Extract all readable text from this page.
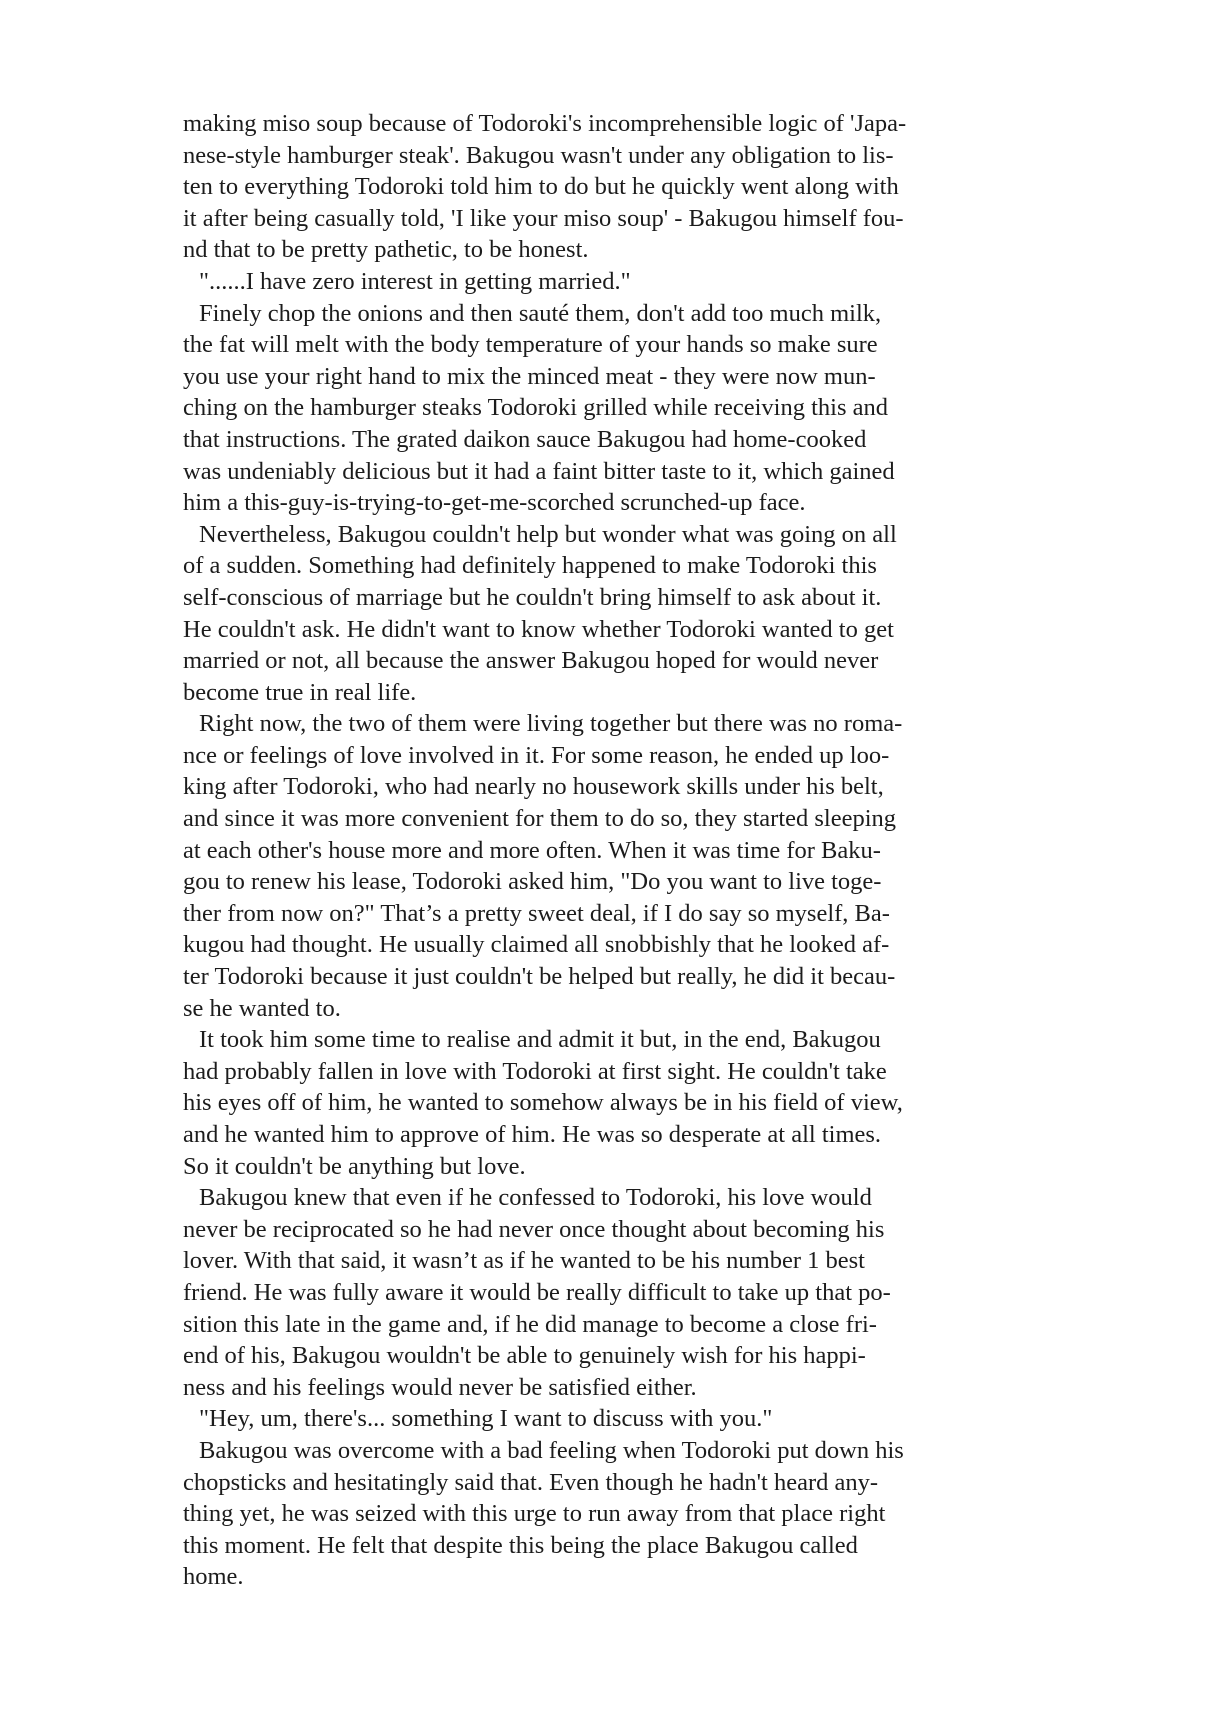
making miso soup because of Todoroki's incomprehensible logic of 'Japa-
nese-style hamburger steak'. Bakugou wasn't under any obligation to lis-
ten to everything Todoroki told him to do but he quickly went along with
it after being casually told, 'I like your miso soup' - Bakugou himself fou-
nd that to be pretty pathetic, to be honest.
"......I have zero interest in getting married."
Finely chop the onions and then sauté them, don't add too much milk,
the fat will melt with the body temperature of your hands so make sure
you use your right hand to mix the minced meat - they were now mun-
ching on the hamburger steaks Todoroki grilled while receiving this and
that instructions. The grated daikon sauce Bakugou had home-cooked
was undeniably delicious but it had a faint bitter taste to it, which gained
him a this-guy-is-trying-to-get-me-scorched scrunched-up face.
Nevertheless, Bakugou couldn't help but wonder what was going on all
of a sudden. Something had definitely happened to make Todoroki this
self-conscious of marriage but he couldn't bring himself to ask about it.
He couldn't ask. He didn't want to know whether Todoroki wanted to get
married or not, all because the answer Bakugou hoped for would never
become true in real life.
Right now, the two of them were living together but there was no roma-
nce or feelings of love involved in it. For some reason, he ended up loo-
king after Todoroki, who had nearly no housework skills under his belt,
and since it was more convenient for them to do so, they started sleeping
at each other's house more and more often. When it was time for Baku-
gou to renew his lease, Todoroki asked him, "Do you want to live toge-
ther from now on?" That’s a pretty sweet deal, if I do say so myself, Ba-
kugou had thought. He usually claimed all snobbishly that he looked af-
ter Todoroki because it just couldn't be helped but really, he did it becau-
se he wanted to.
It took him some time to realise and admit it but, in the end, Bakugou
had probably fallen in love with Todoroki at first sight. He couldn't take
his eyes off of him, he wanted to somehow always be in his field of view,
and he wanted him to approve of him. He was so desperate at all times.
So it couldn't be anything but love.
Bakugou knew that even if he confessed to Todoroki, his love would
never be reciprocated so he had never once thought about becoming his
lover. With that said, it wasn’t as if he wanted to be his number 1 best
friend. He was fully aware it would be really difficult to take up that po-
sition this late in the game and, if he did manage to become a close fri-
end of his, Bakugou wouldn't be able to genuinely wish for his happi-
ness and his feelings would never be satisfied either.
"Hey, um, there's... something I want to discuss with you."
Bakugou was overcome with a bad feeling when Todoroki put down his
chopsticks and hesitatingly said that. Even though he hadn't heard any-
thing yet, he was seized with this urge to run away from that place right
this moment. He felt that despite this being the place Bakugou called
home.
